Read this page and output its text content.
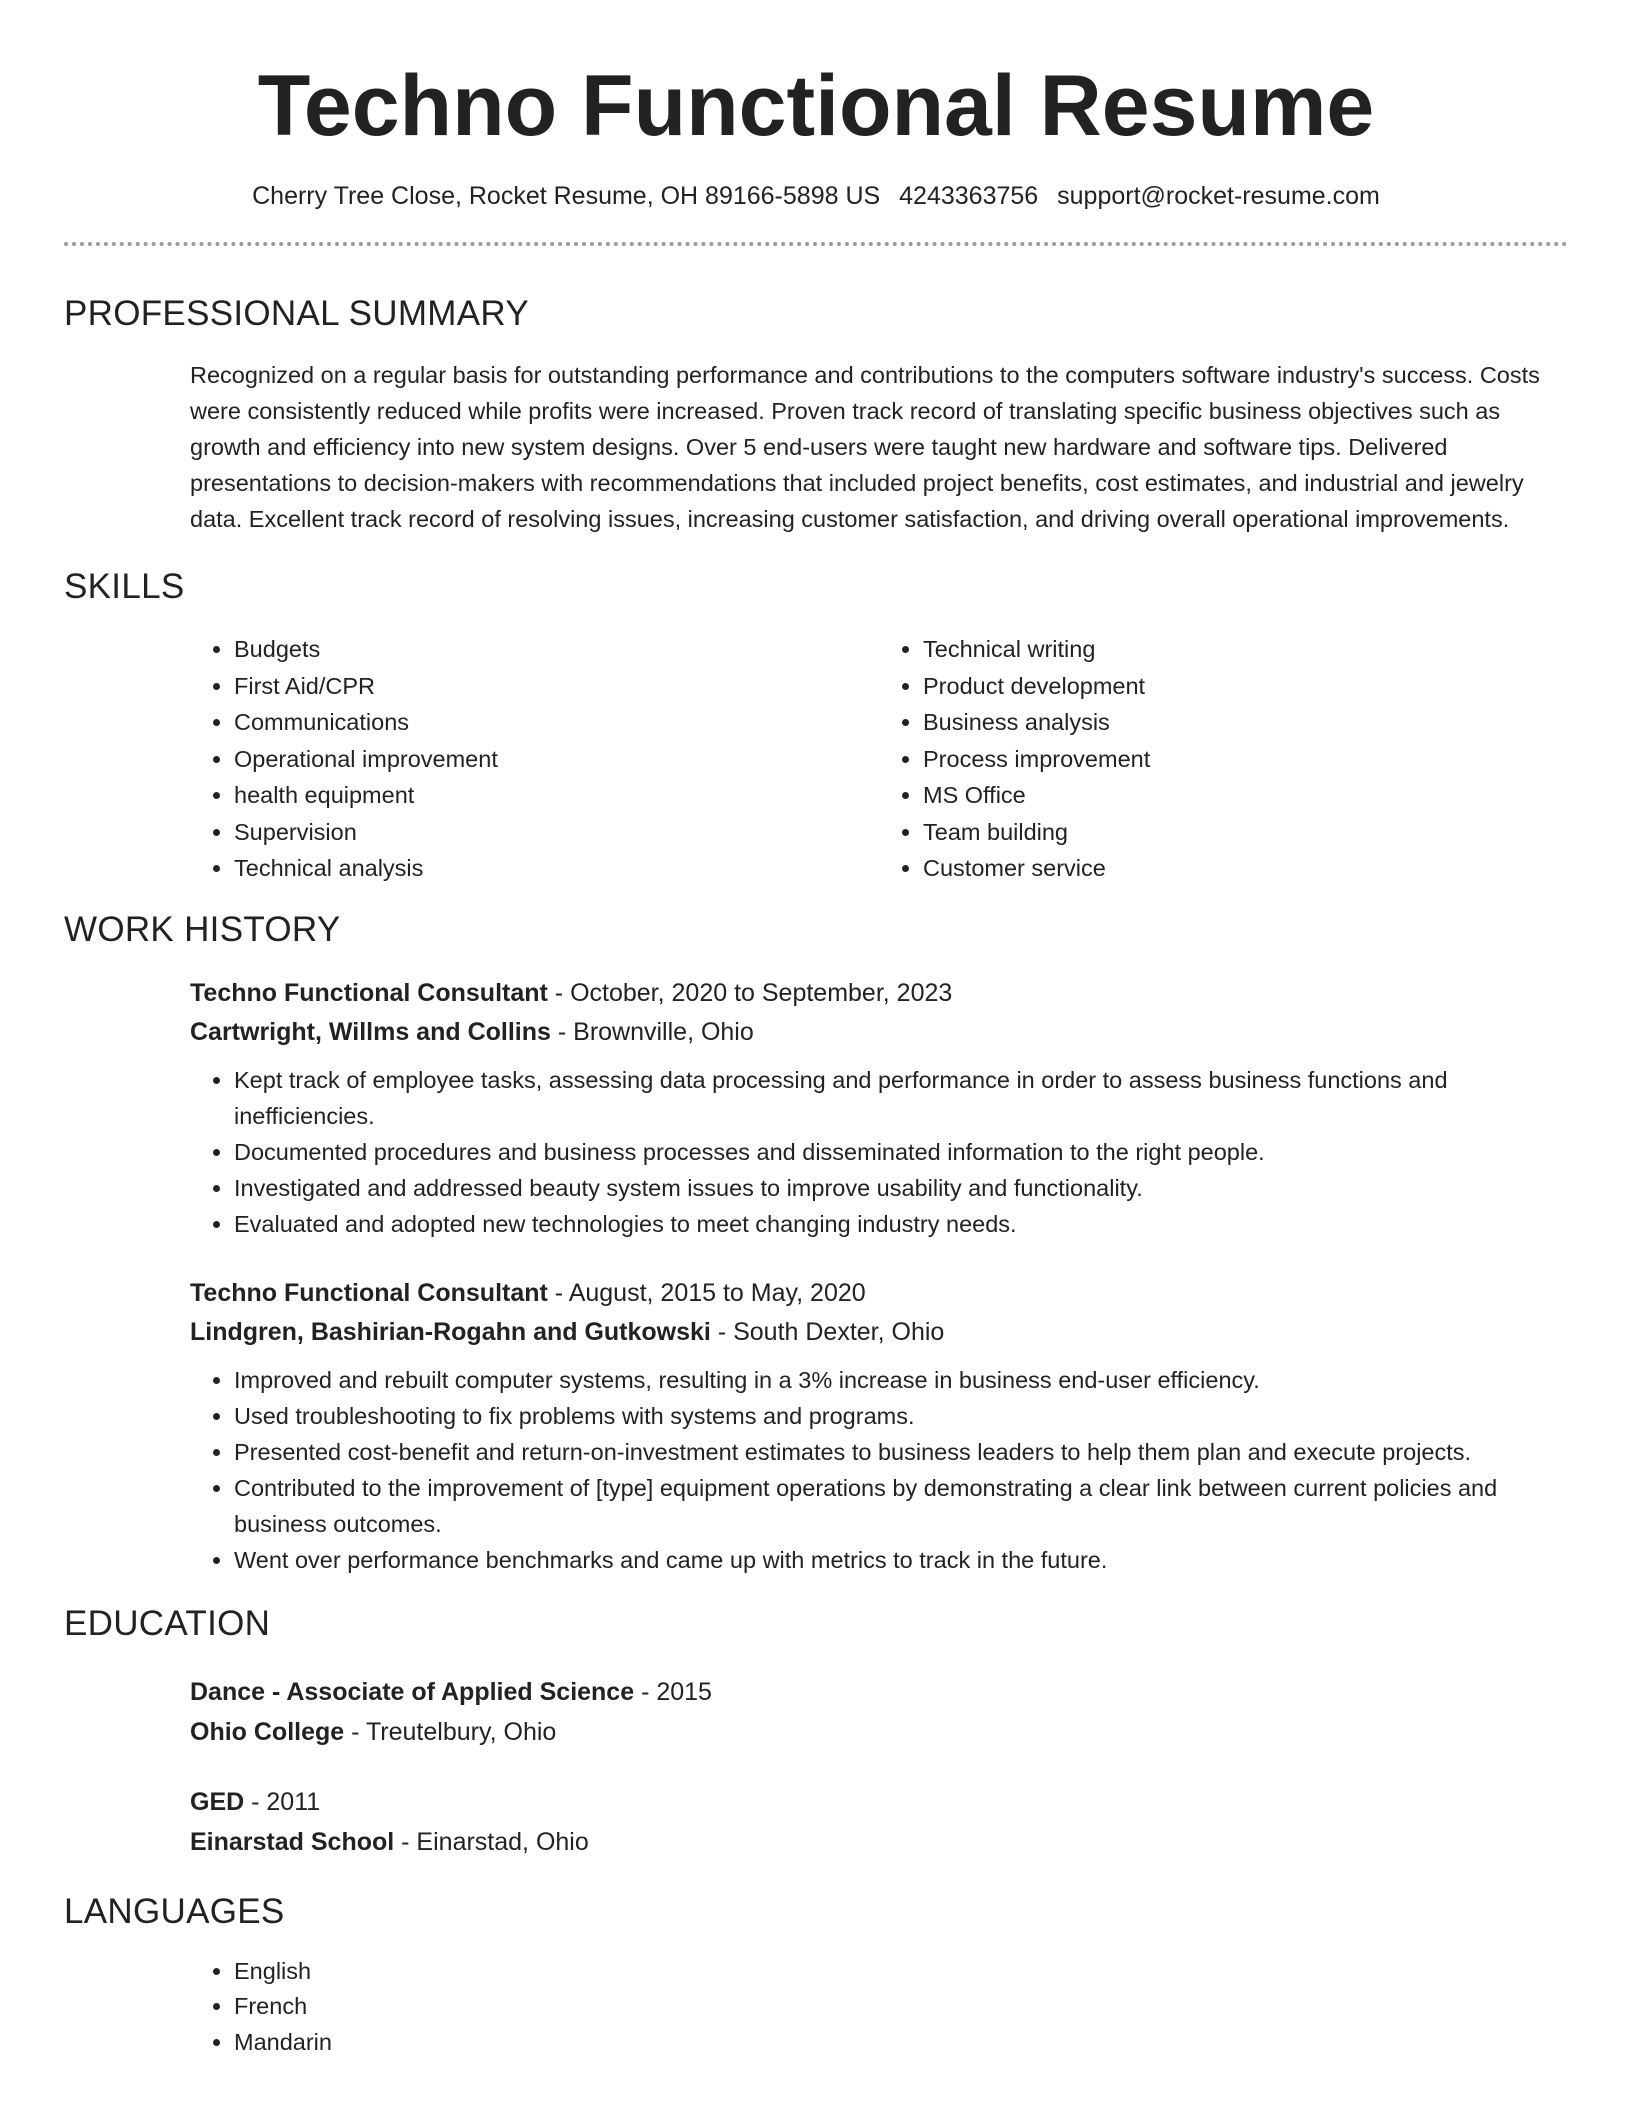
Techno Functional Resume
Cherry Tree Close, Rocket Resume, OH 89166-5898 US 4243363756 support@rocket-resume.com
PROFESSIONAL SUMMARY
Recognized on a regular basis for outstanding performance and contributions to the computers software industry's success. Costs were consistently reduced while profits were increased. Proven track record of translating specific business objectives such as growth and efficiency into new system designs. Over 5 end-users were taught new hardware and software tips. Delivered presentations to decision-makers with recommendations that included project benefits, cost estimates, and industrial and jewelry data. Excellent track record of resolving issues, increasing customer satisfaction, and driving overall operational improvements.
SKILLS
• Budgets
• First Aid/CPR
• Communications
• Operational improvement
• health equipment
• Supervision
• Technical analysis
• Technical writing
• Product development
• Business analysis
• Process improvement
• MS Office
• Team building
• Customer service
WORK HISTORY
Techno Functional Consultant - October, 2020 to September, 2023
Cartwright, Willms and Collins - Brownville, Ohio
• Kept track of employee tasks, assessing data processing and performance in order to assess business functions and inefficiencies.
• Documented procedures and business processes and disseminated information to the right people.
• Investigated and addressed beauty system issues to improve usability and functionality.
• Evaluated and adopted new technologies to meet changing industry needs.
Techno Functional Consultant - August, 2015 to May, 2020
Lindgren, Bashirian-Rogahn and Gutkowski - South Dexter, Ohio
• Improved and rebuilt computer systems, resulting in a 3% increase in business end-user efficiency.
• Used troubleshooting to fix problems with systems and programs.
• Presented cost-benefit and return-on-investment estimates to business leaders to help them plan and execute projects.
• Contributed to the improvement of [type] equipment operations by demonstrating a clear link between current policies and business outcomes.
• Went over performance benchmarks and came up with metrics to track in the future.
EDUCATION
Dance - Associate of Applied Science - 2015
Ohio College - Treutelbury, Ohio
GED - 2011
Einarstad School - Einarstad, Ohio
LANGUAGES
• English
• French
• Mandarin
